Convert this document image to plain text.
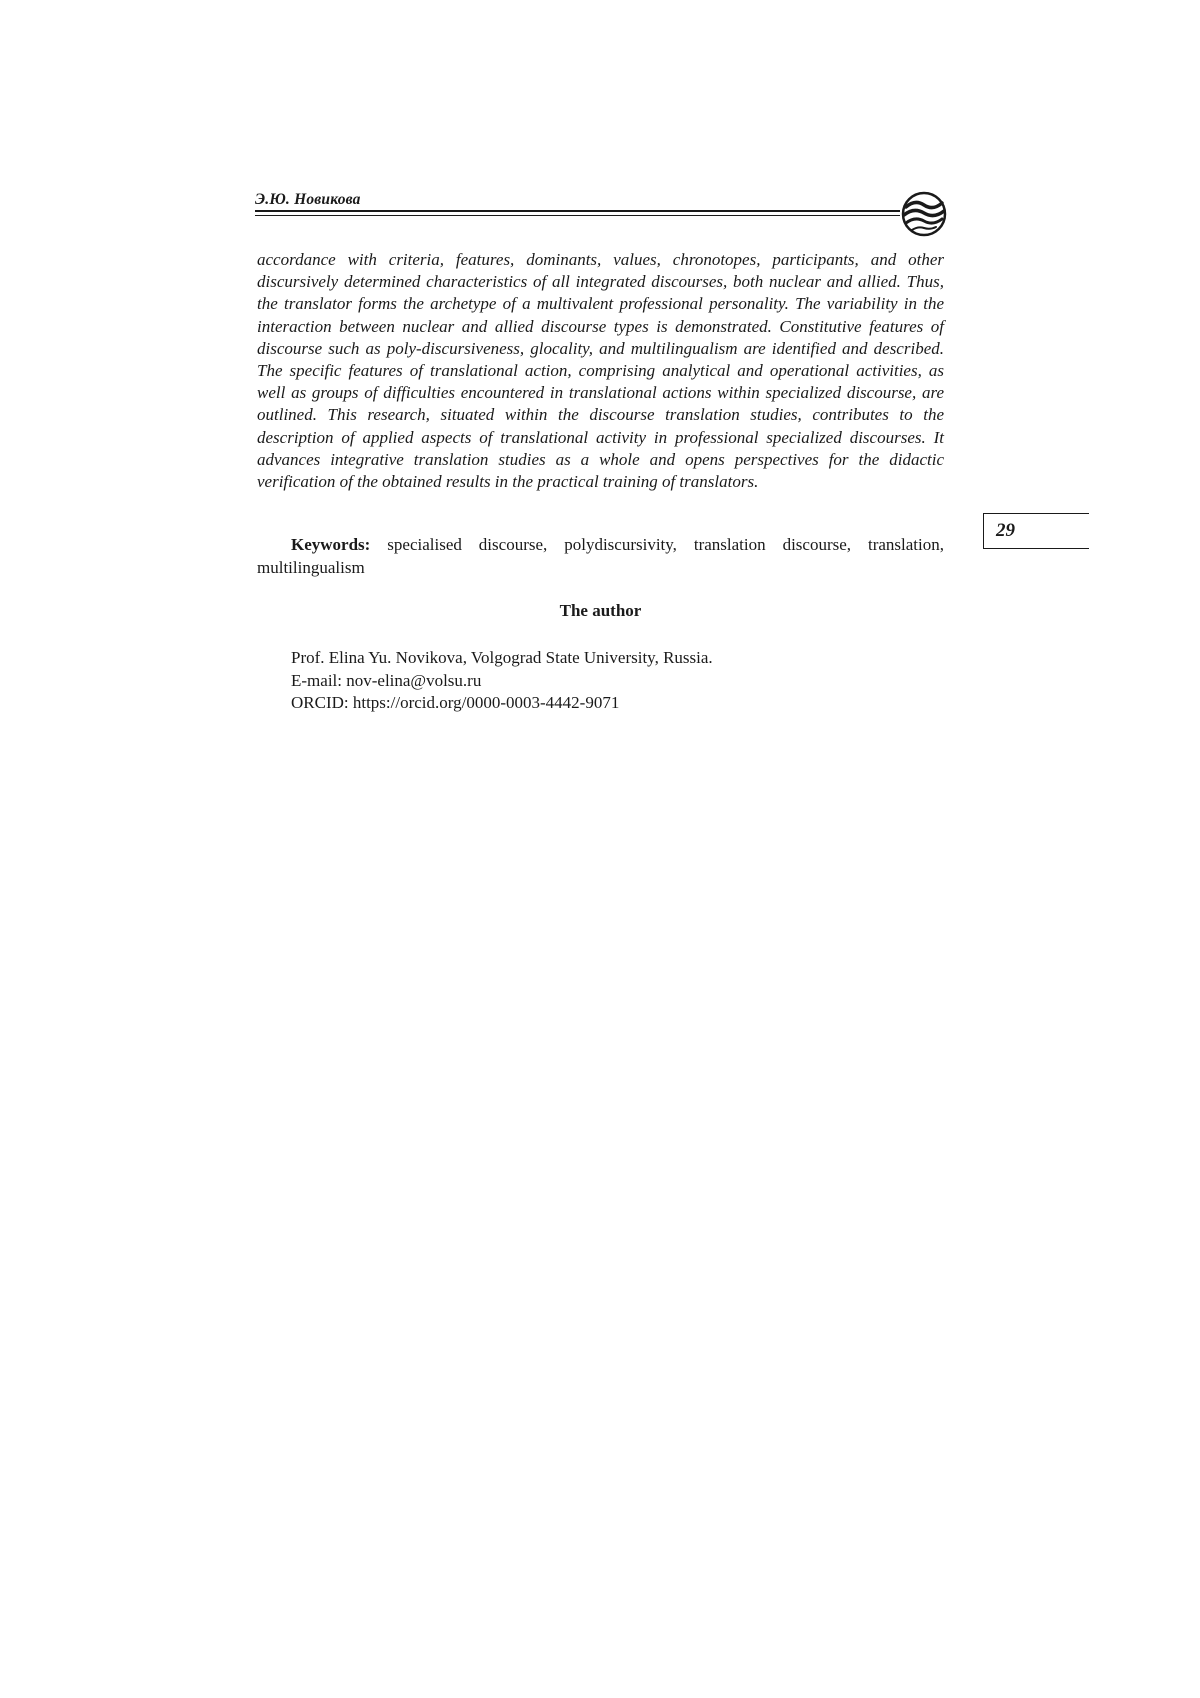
Э.Ю. Новикова

accordance with criteria, features, dominants, values, chronotopes, participants, and other discursively determined characteristics of all integrated discourses, both nuclear and allied. Thus, the translator forms the archetype of a multivalent professional personality. The variability in the interaction between nuclear and allied discourse types is demonstrated. Constitutive features of discourse such as poly-discursiveness, glocality, and multilingualism are identified and described. The specific features of translational action, comprising analytical and operational activities, as well as groups of difficulties encountered in translational actions within specialized discourse, are outlined. This research, situated within the discourse translation studies, contributes to the description of applied aspects of translational activity in professional specialized discourses. It advances integrative translation studies as a whole and opens perspectives for the didactic verification of the obtained results in the practical training of translators.

Keywords: specialised discourse, polydiscursivity, translation discourse, translation, multilingualism

The author
Prof. Elina Yu. Novikova, Volgograd State University, Russia.
E-mail: nov-elina@volsu.ru
ORCID: https://orcid.org/0000-0003-4442-9071
29
